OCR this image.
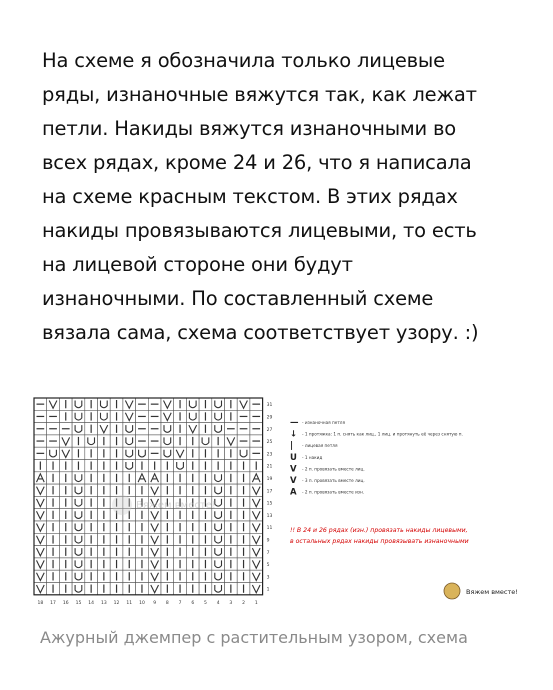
На схеме я обозначила только лицевые
ряды, изнаночные вяжутся так, как лежат
петли. Накиды вяжутся изнаночными во
всех рядах, кроме 24 и 26, что я написала
на схеме красным текстом. В этих рядах
накиды провязываются лицевыми, то есть
на лицевой стороне они будут
изнаночными. По составленный схеме
вязала сама, схема соответствует узору. :)
31
29
27
25
23
21
19
17
15
13
11
9
7
5
3
1
18 17 16 15 14 13 12 11 10 9 8 7 6 5 4 3 2 1
Вяжем вместе!
— - изнаночная петля
↓ - 1 протяжка: 1 п. снять как лиц., 1 лиц. и протянуть её через снятую п.
| - лицевая петля
U - 1 накид
V - 2 п. провязать вместе лиц.
V - 3 п. провязать вместе лиц.
A - 2 п. провязать вместе изн.
!! В 24 и 26 рядах (изн.) провязать накиды лицевыми,
в остальных рядах накиды провязывать изнаночными
Вяжем вместе!
Ажурный джемпер с растительным узором, схема
